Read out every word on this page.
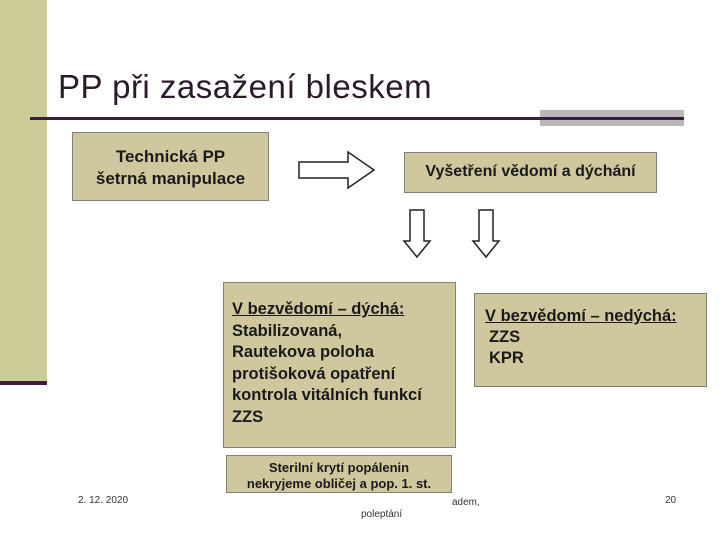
PP při zasažení bleskem
Technická PP
šetrná manipulace	Vyšetření vědomí a dýchání
V bezvědomí – dýchá:
Stabilizovaná,
Rautekova poloha
protišoková opatření
kontrola vitálních funkcí
ZZS
V bezvědomí – nedýchá:
ZZS
KPR
Sterilní krytí popálenin
nekryjeme obličej a pop. 1. st.
2. 12. 2020	adem,
poleptání
20
